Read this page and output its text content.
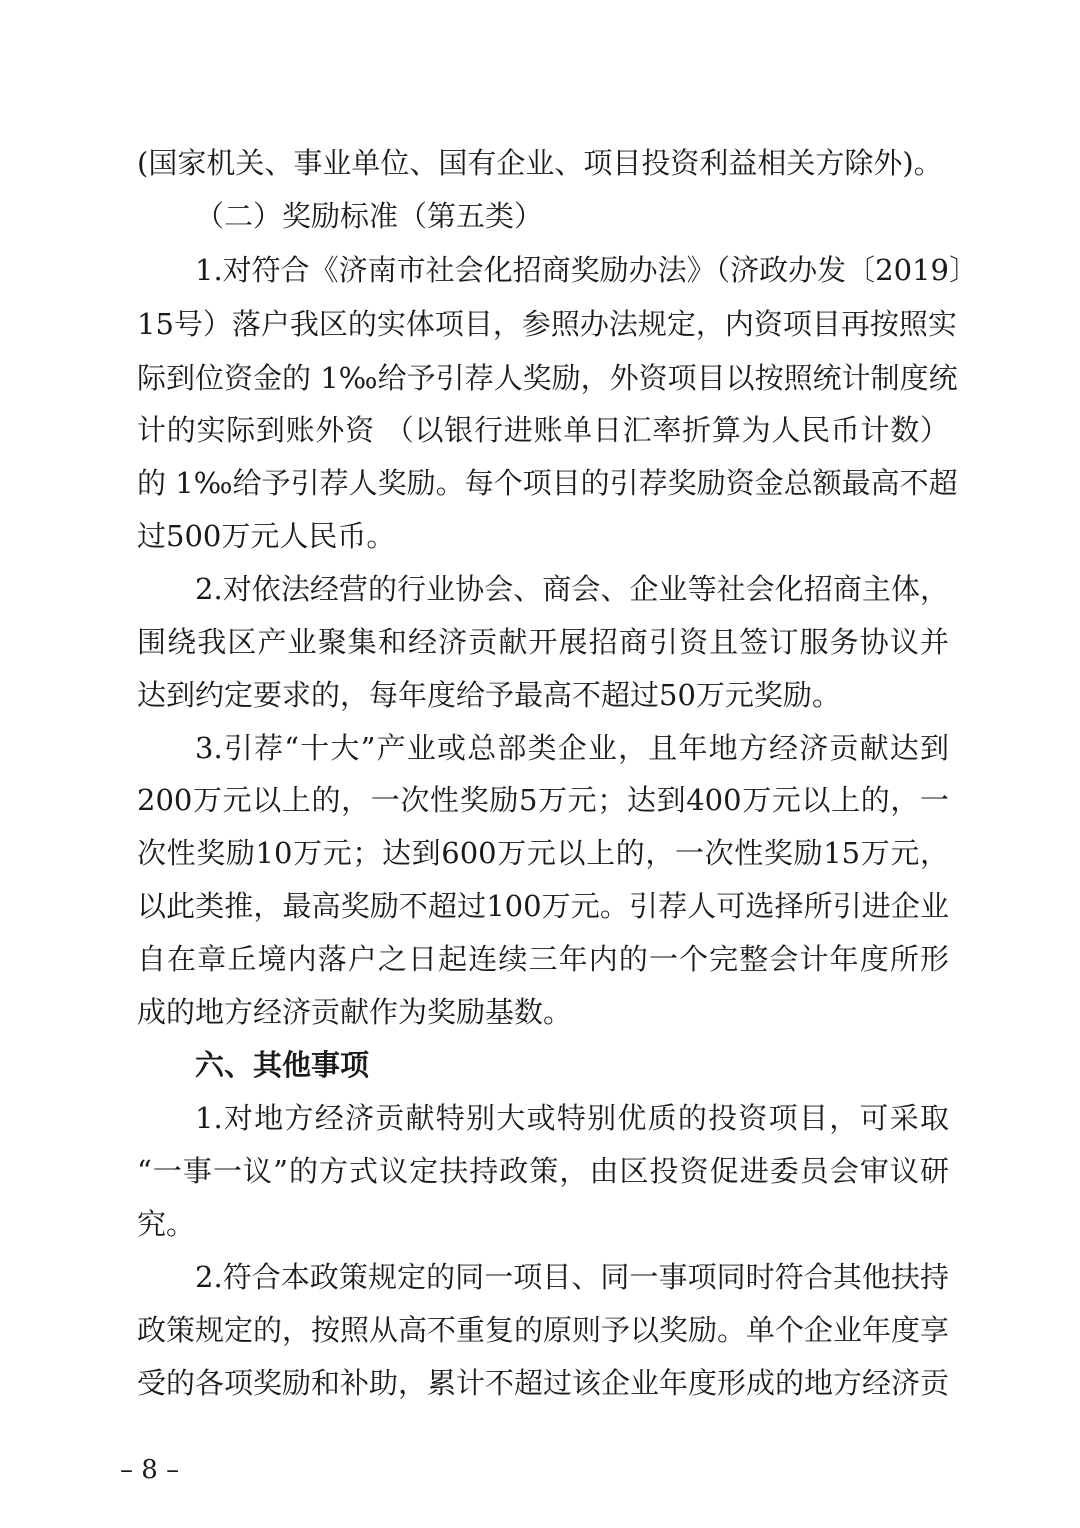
(国家机关、事业单位、国有企业、项目投资利益相关方除外)。
（二）奖励标准（第五类）
1.对符合《济南市社会化招商奖励办法》（济政办发〔2019〕
15号）落户我区的实体项目，参照办法规定，内资项目再按照实
际到位资金的 1‰给予引荐人奖励，外资项目以按照统计制度统
计的实际到账外资 （以银行进账单日汇率折算为人民币计数）
的 1‰给予引荐人奖励。每个项目的引荐奖励资金总额最高不超
过500万元人民币。
2.对依法经营的行业协会、商会、企业等社会化招商主体，
围绕我区产业聚集和经济贡献开展招商引资且签订服务协议并
达到约定要求的，每年度给予最高不超过50万元奖励。
3.引荐“十大”产业或总部类企业，且年地方经济贡献达到
200万元以上的，一次性奖励5万元；达到400万元以上的，一
次性奖励10万元；达到600万元以上的，一次性奖励15万元，
以此类推，最高奖励不超过100万元。引荐人可选择所引进企业
自在章丘境内落户之日起连续三年内的一个完整会计年度所形
成的地方经济贡献作为奖励基数。
六、其他事项
1.对地方经济贡献特别大或特别优质的投资项目，可采取
“一事一议”的方式议定扶持政策，由区投资促进委员会审议研
究。
2.符合本政策规定的同一项目、同一事项同时符合其他扶持
政策规定的，按照从高不重复的原则予以奖励。单个企业年度享
受的各项奖励和补助，累计不超过该企业年度形成的地方经济贡
– 8 –
